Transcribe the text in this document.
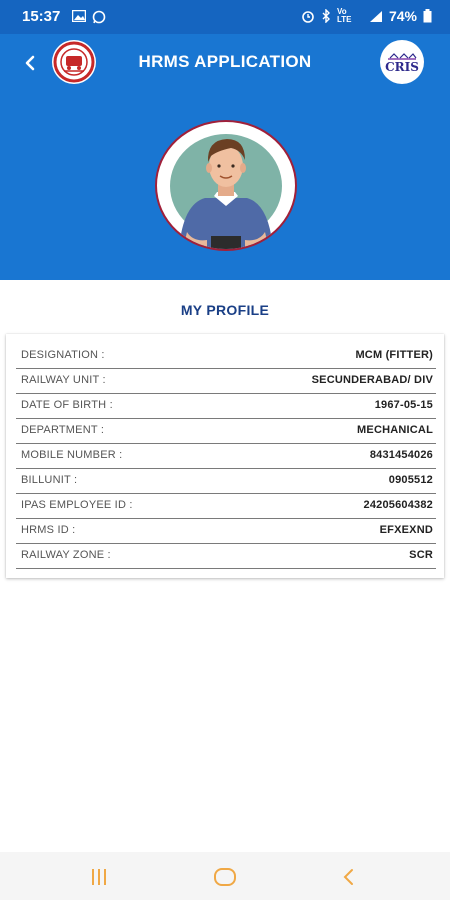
15:37	Vo LTE	74%
HRMS APPLICATION	CRIS
MY PROFILE
DESIGNATION :	MCM (FITTER)
RAILWAY UNIT :	SECUNDERABAD/ DIV
DATE OF BIRTH :	1967-05-15
DEPARTMENT :	MECHANICAL
MOBILE NUMBER :	8431454026
BILLUNIT :	0905512
IPAS EMPLOYEE ID :	24205604382
HRMS ID :	EFXEXND
RAILWAY ZONE :	SCR
